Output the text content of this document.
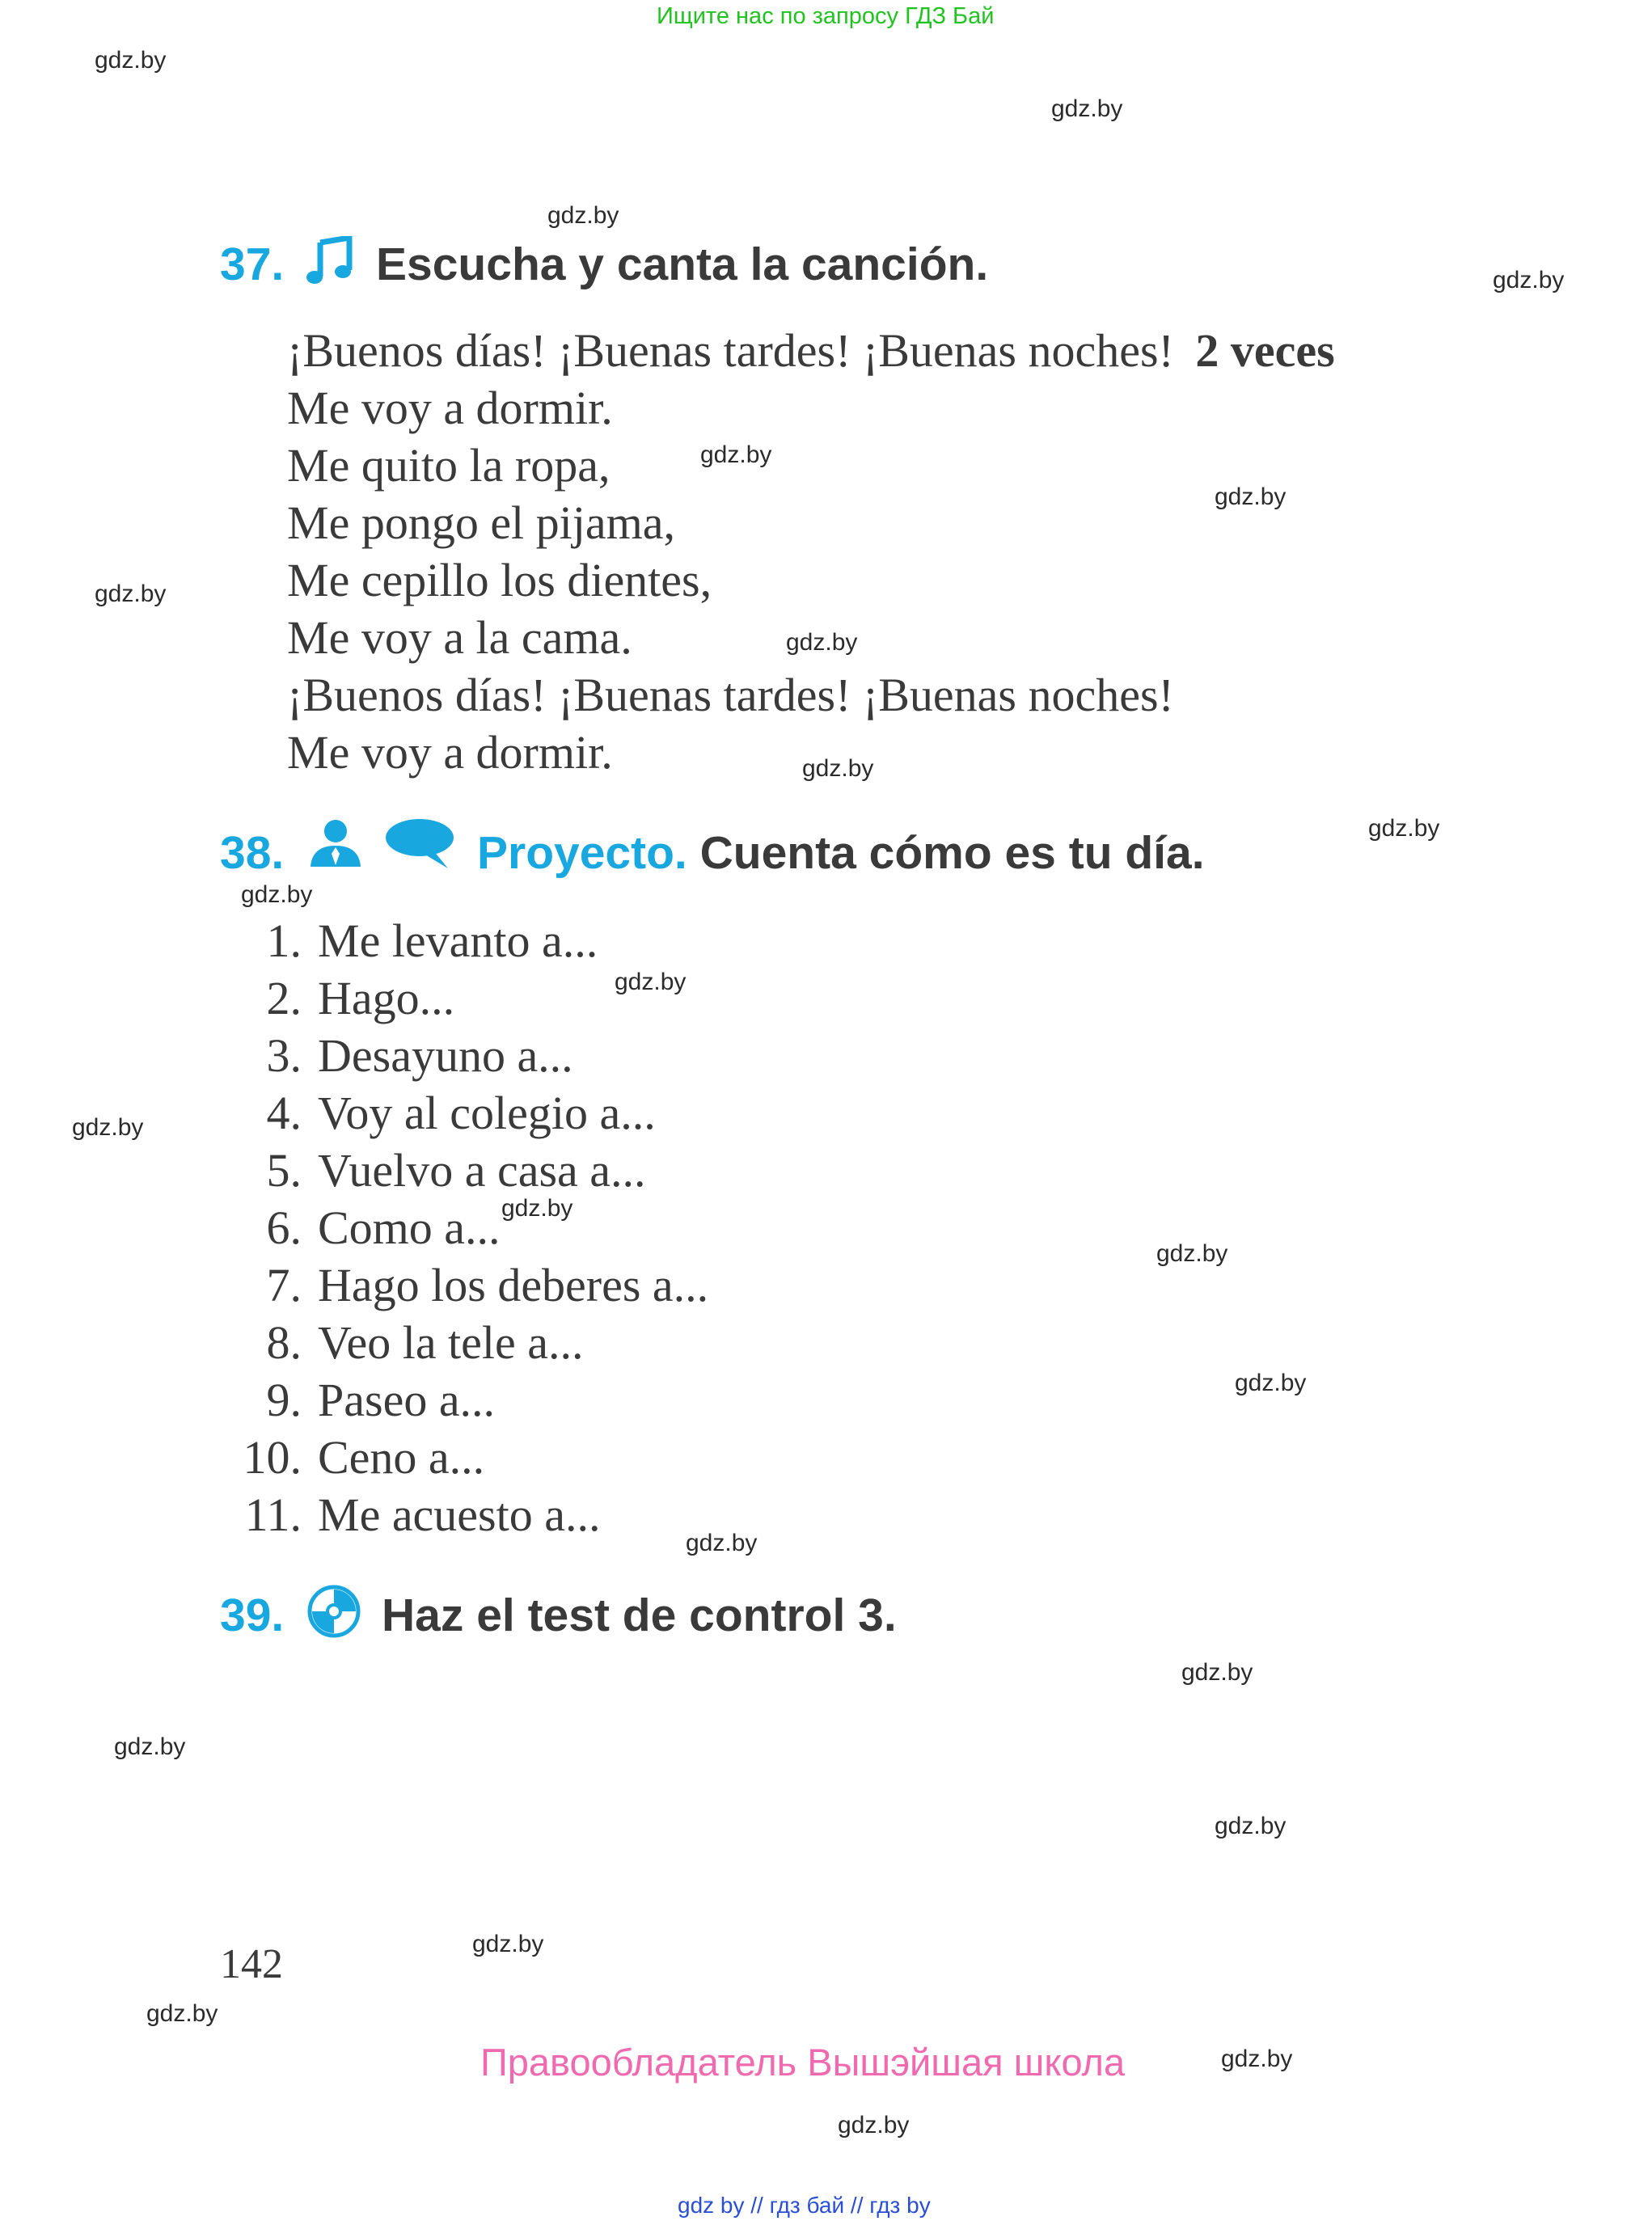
Ищите нас по запросу ГДЗ Бай
37. Escucha y canta la canción.
¡Buenos días! ¡Buenas tardes! ¡Buenas noches! 2 veces
Me voy a dormir.
Me quito la ropa,
Me pongo el pijama,
Me cepillo los dientes,
Me voy a la cama.
¡Buenos días! ¡Buenas tardes! ¡Buenas noches!
Me voy a dormir.
38.	Proyecto. Cuenta cómo es tu día.
1. Me levanto a...
2. Hago...
3. Desayuno a...
4. Voy al colegio a...
5. Vuelvo a casa a...
6. Como a...
7. Hago los deberes a...
8. Veo la tele a...
9. Paseo a...
10. Ceno a...
11. Me acuesto a...
39. Haz el test de control 3.
142
Правообладатель Вышэйшая школа
gdz by // гдз бай // гдз by
gdz.by
gdz.by
gdz.by
gdz.by
gdz.by
gdz.by
gdz.by
gdz.by
gdz.by
gdz.by
gdz.by
gdz.by
gdz.by
gdz.by
gdz.by
gdz.by
gdz.by
gdz.by
gdz.by
gdz.by
gdz.by
gdz.by
gdz.by
gdz.by
